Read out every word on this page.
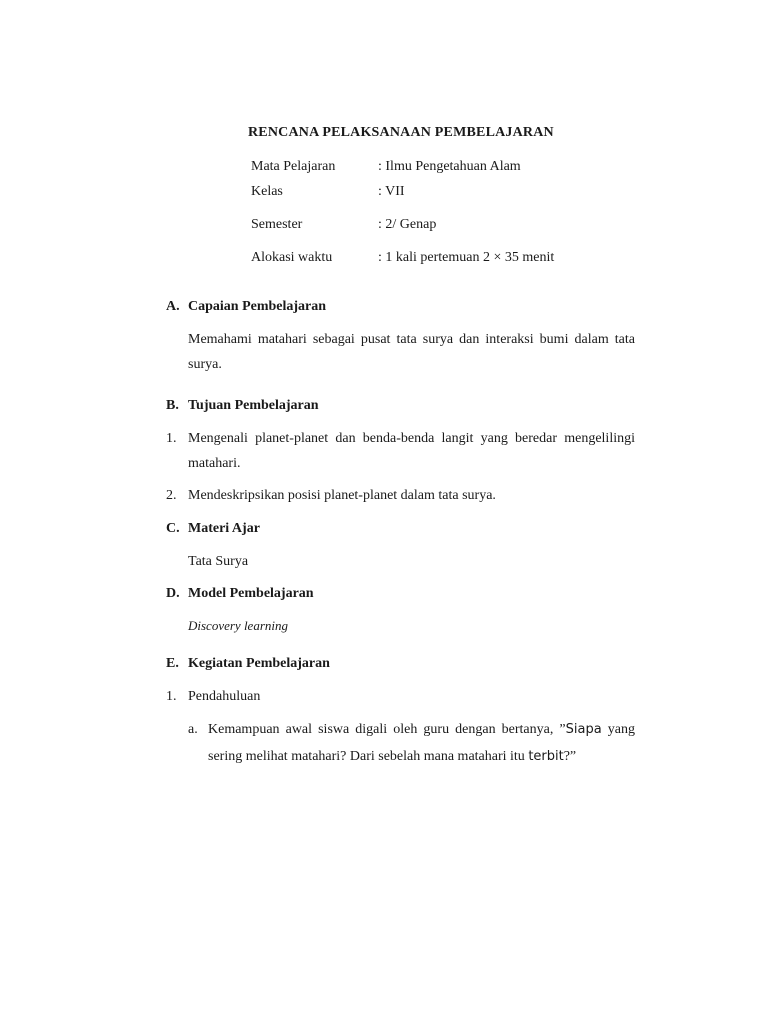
RENCANA PELAKSANAAN PEMBELAJARAN
Mata Pelajaran	: Ilmu Pengetahuan Alam
Kelas	: VII
Semester	: 2/ Genap
Alokasi waktu	: 1 kali pertemuan 2 × 35 menit
A. Capaian Pembelajaran
Memahami matahari sebagai pusat tata surya dan interaksi bumi dalam tata
surya.
B. Tujuan Pembelajaran
1. Mengenali planet-planet dan benda-benda langit yang beredar mengelilingi
matahari.
2. Mendeskripsikan posisi planet-planet dalam tata surya.
C. Materi Ajar
Tata Surya
D. Model Pembelajaran
Discovery learning
E. Kegiatan Pembelajaran
1. Pendahuluan
a. Kemampuan awal siswa digali oleh guru dengan bertanya, ”Siapa yang
sering melihat matahari? Dari sebelah mana matahari itu terbit?”
